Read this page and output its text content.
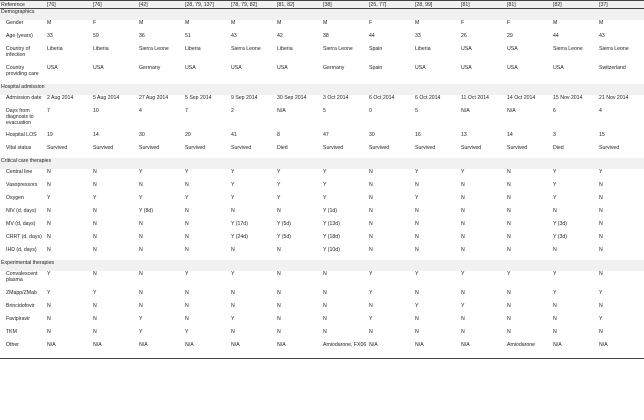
Reference	[76]	[76]	[42]	[28, 79, 137]	[78, 79, 82]	[81, 82]	[38]	[25, 77]	[28, 99]	[81]	[81]	[82]	[37]
Demographics													
Gender	M	F	M	M	M	M	M	F	M	F	F	M	M
Age (years)	33	59	36	51	43	42	38	44	33	26	29	44	43
Country of infection	Liberia	Liberia	Sierra Leone	Liberia	Sierra Leone	Liberia	Sierra Leone	Spain	Liberia	USA	USA	Sierra Leone	Sierra Leone
Country providing care	USA	USA	Germany	USA	USA	USA	Germany	Spain	USA	USA	USA	USA	Switzerland
Hospital admission													
Admission date	2 Aug 2014	5 Aug 2014	27 Aug 2014	5 Sep 2014	9 Sep 2014	30 Sep 2014	3 Oct 2014	6 Oct 2014	6 Oct 2014	11 Oct 2014	14 Oct 2014	15 Nov 2014	21 Nov 2014
Days from diagnosis to evacuation	7	10	4	7	2	N/A	5	0	5	N/A	N/A	6	4
Hospital LOS	19	14	30	20	41	8	47	30	16	13	14	3	15
Vital status	Survived	Survived	Survived	Survived	Survived	Died	Survived	Survived	Survived	Survived	Survived	Died	Survived
Critical care therapies													
Central line	N	N	Y	Y	Y	Y	Y	N	Y	Y	N	Y	Y
Vasopressors	N	N	N	N	Y	Y	Y	N	N	N	N	Y	N
Oxygen	Y	Y	Y	Y	Y	Y	Y	N	Y	N	N	Y	N
NIV (d, days)	N	N	Y (8d)	N	N	N	Y (1d)	N	N	N	N	N	N
MV (d, days)	N	N	N	N	Y (17d)	Y (5d)	Y (13d)	N	N	N	N	Y (3d)	N
CRRT (d, days)	N	N	N	N	Y (24d)	Y (5d)	Y (18d)	N	N	N	N	Y (3d)	N
IHD (d, days)	N	N	N	N	N	N	Y (10d)	N	N	N	N	N	N
Experimental therapies													
Convalescent plasma	Y	N	N	Y	Y	N	N	Y	Y	Y	Y	Y	N
ZMapp/ZMab	Y	Y	N	N	N	N	N	Y	N	N	N	Y	Y
Brincidofovir	N	N	N	N	N	N	N	N	Y	Y	N	N	N
Favipiravir	N	N	Y	N	Y	N	N	Y	N	N	N	N	Y
TKM	N	N	Y	Y	N	N	N	N	N	N	N	N	N
Other	N/A	N/A	N/A	N/A	N/A	N/A	Amiodarone, FX06	N/A	N/A	N/A	Amiodarone	N/A	N/A
